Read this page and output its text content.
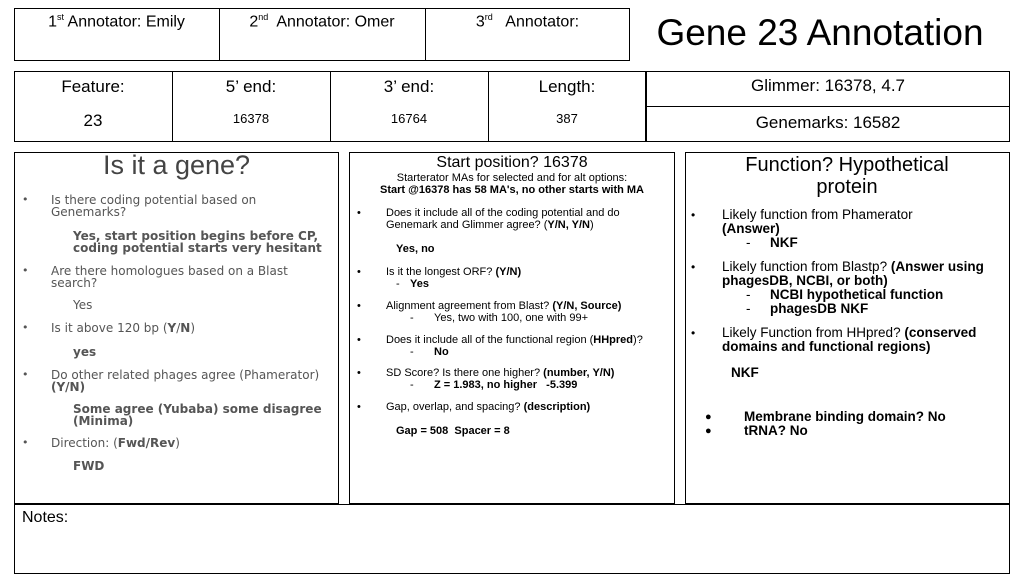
1st Annotator: Emily	2nd Annotator: Omer	3rd Annotator:	Gene 23 Annotation
Feature:	5’ end:	3’ end:	Length:
23	16378	16764	387
Glimmer: 16378, 4.7
Genemarks: 16582
Is it a gene?
• Is there coding potential based on Genemarks?
Yes, start position begins before CP, coding potential starts very hesitant
• Are there homologues based on a Blast search?
Yes
• Is it above 120 bp (Y/N)
yes
• Do other related phages agree (Phamerator) (Y/N)
Some agree (Yubaba) some disagree (Minima)
• Direction: (Fwd/Rev)
FWD
Start position? 16378
Starterator MAs for selected and for alt options:
Start @16378 has 58 MA's, no other starts with MA
• Does it include all of the coding potential and do Genemark and Glimmer agree? (Y/N, Y/N)
Yes, no
• Is it the longest ORF? (Y/N)
- Yes
• Alignment agreement from Blast? (Y/N, Source)
- Yes, two with 100, one with 99+
• Does it include all of the functional region (HHpred)?
- No
• SD Score? Is there one higher? (number, Y/N)
- Z = 1.983, no higher   -5.399
• Gap, overlap, and spacing? (description)
Gap = 508  Spacer = 8
Function? Hypothetical protein
• Likely function from Phamerator
(Answer)
- NKF
• Likely function from Blastp? (Answer using phagesDB, NCBI, or both)
- NCBI hypothetical function
- phagesDB NKF
• Likely Function from HHpred? (conserved domains and functional regions)
NKF
● Membrane binding domain? No
● tRNA? No
Notes:
